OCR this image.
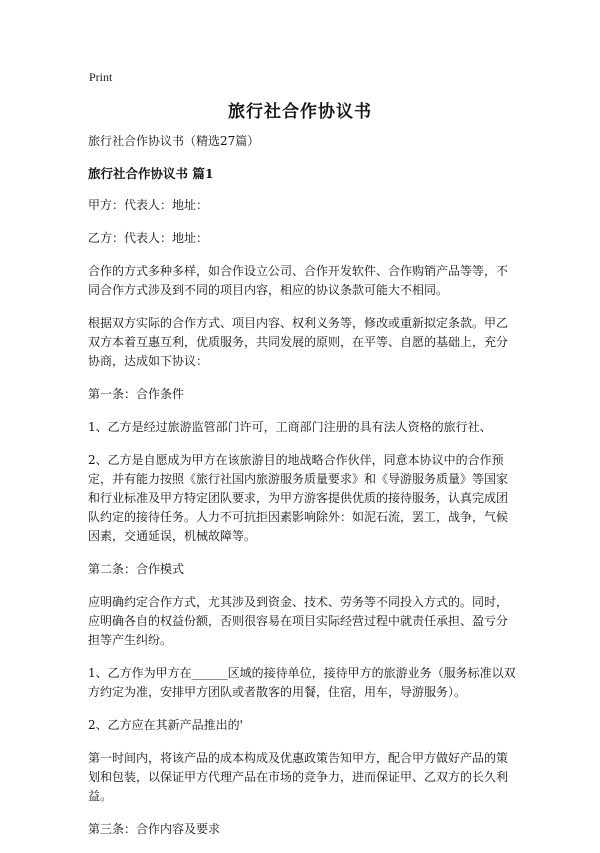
Print
旅行社合作协议书

旅行社合作协议书（精选27篇）

旅行社合作协议书 篇1

甲方：代表人：地址：

乙方：代表人：地址：

合作的方式多种多样，如合作设立公司、合作开发软件、合作购销产品等等，不同合作方式涉及到不同的项目内容，相应的协议条款可能大不相同。

根据双方实际的合作方式、项目内容、权利义务等，修改或重新拟定条款。甲乙双方本着互惠互利，优质服务，共同发展的原则，在平等、自愿的基础上，充分协商，达成如下协议：

第一条：合作条件

1、乙方是经过旅游监管部门许可，工商部门注册的具有法人资格的旅行社、

2、乙方是自愿成为甲方在该旅游目的地战略合作伙伴，同意本协议中的合作预定，并有能力按照《旅行社国内旅游服务质量要求》和《导游服务质量》等国家和行业标准及甲方特定团队要求，为甲方游客提供优质的接待服务，认真完成团队约定的接待任务。人力不可抗拒因素影响除外：如泥石流，罢工，战争，气候因素，交通延误，机械故障等。

第二条：合作模式

应明确约定合作方式，尤其涉及到资金、技术、劳务等不同投入方式的。同时，应明确各自的权益份额，否则很容易在项目实际经营过程中就责任承担、盈亏分担等产生纠纷。

1、乙方作为甲方在______区域的接待单位，接待甲方的旅游业务（服务标准以双方约定为准，安排甲方团队或者散客的用餐，住宿，用车，导游服务）。

2、乙方应在其新产品推出的'

第一时间内，将该产品的成本构成及优惠政策告知甲方，配合甲方做好产品的策划和包装，以保证甲方代理产品在市场的竞争力，进而保证甲、乙双方的长久利益。

第三条：合作内容及要求
